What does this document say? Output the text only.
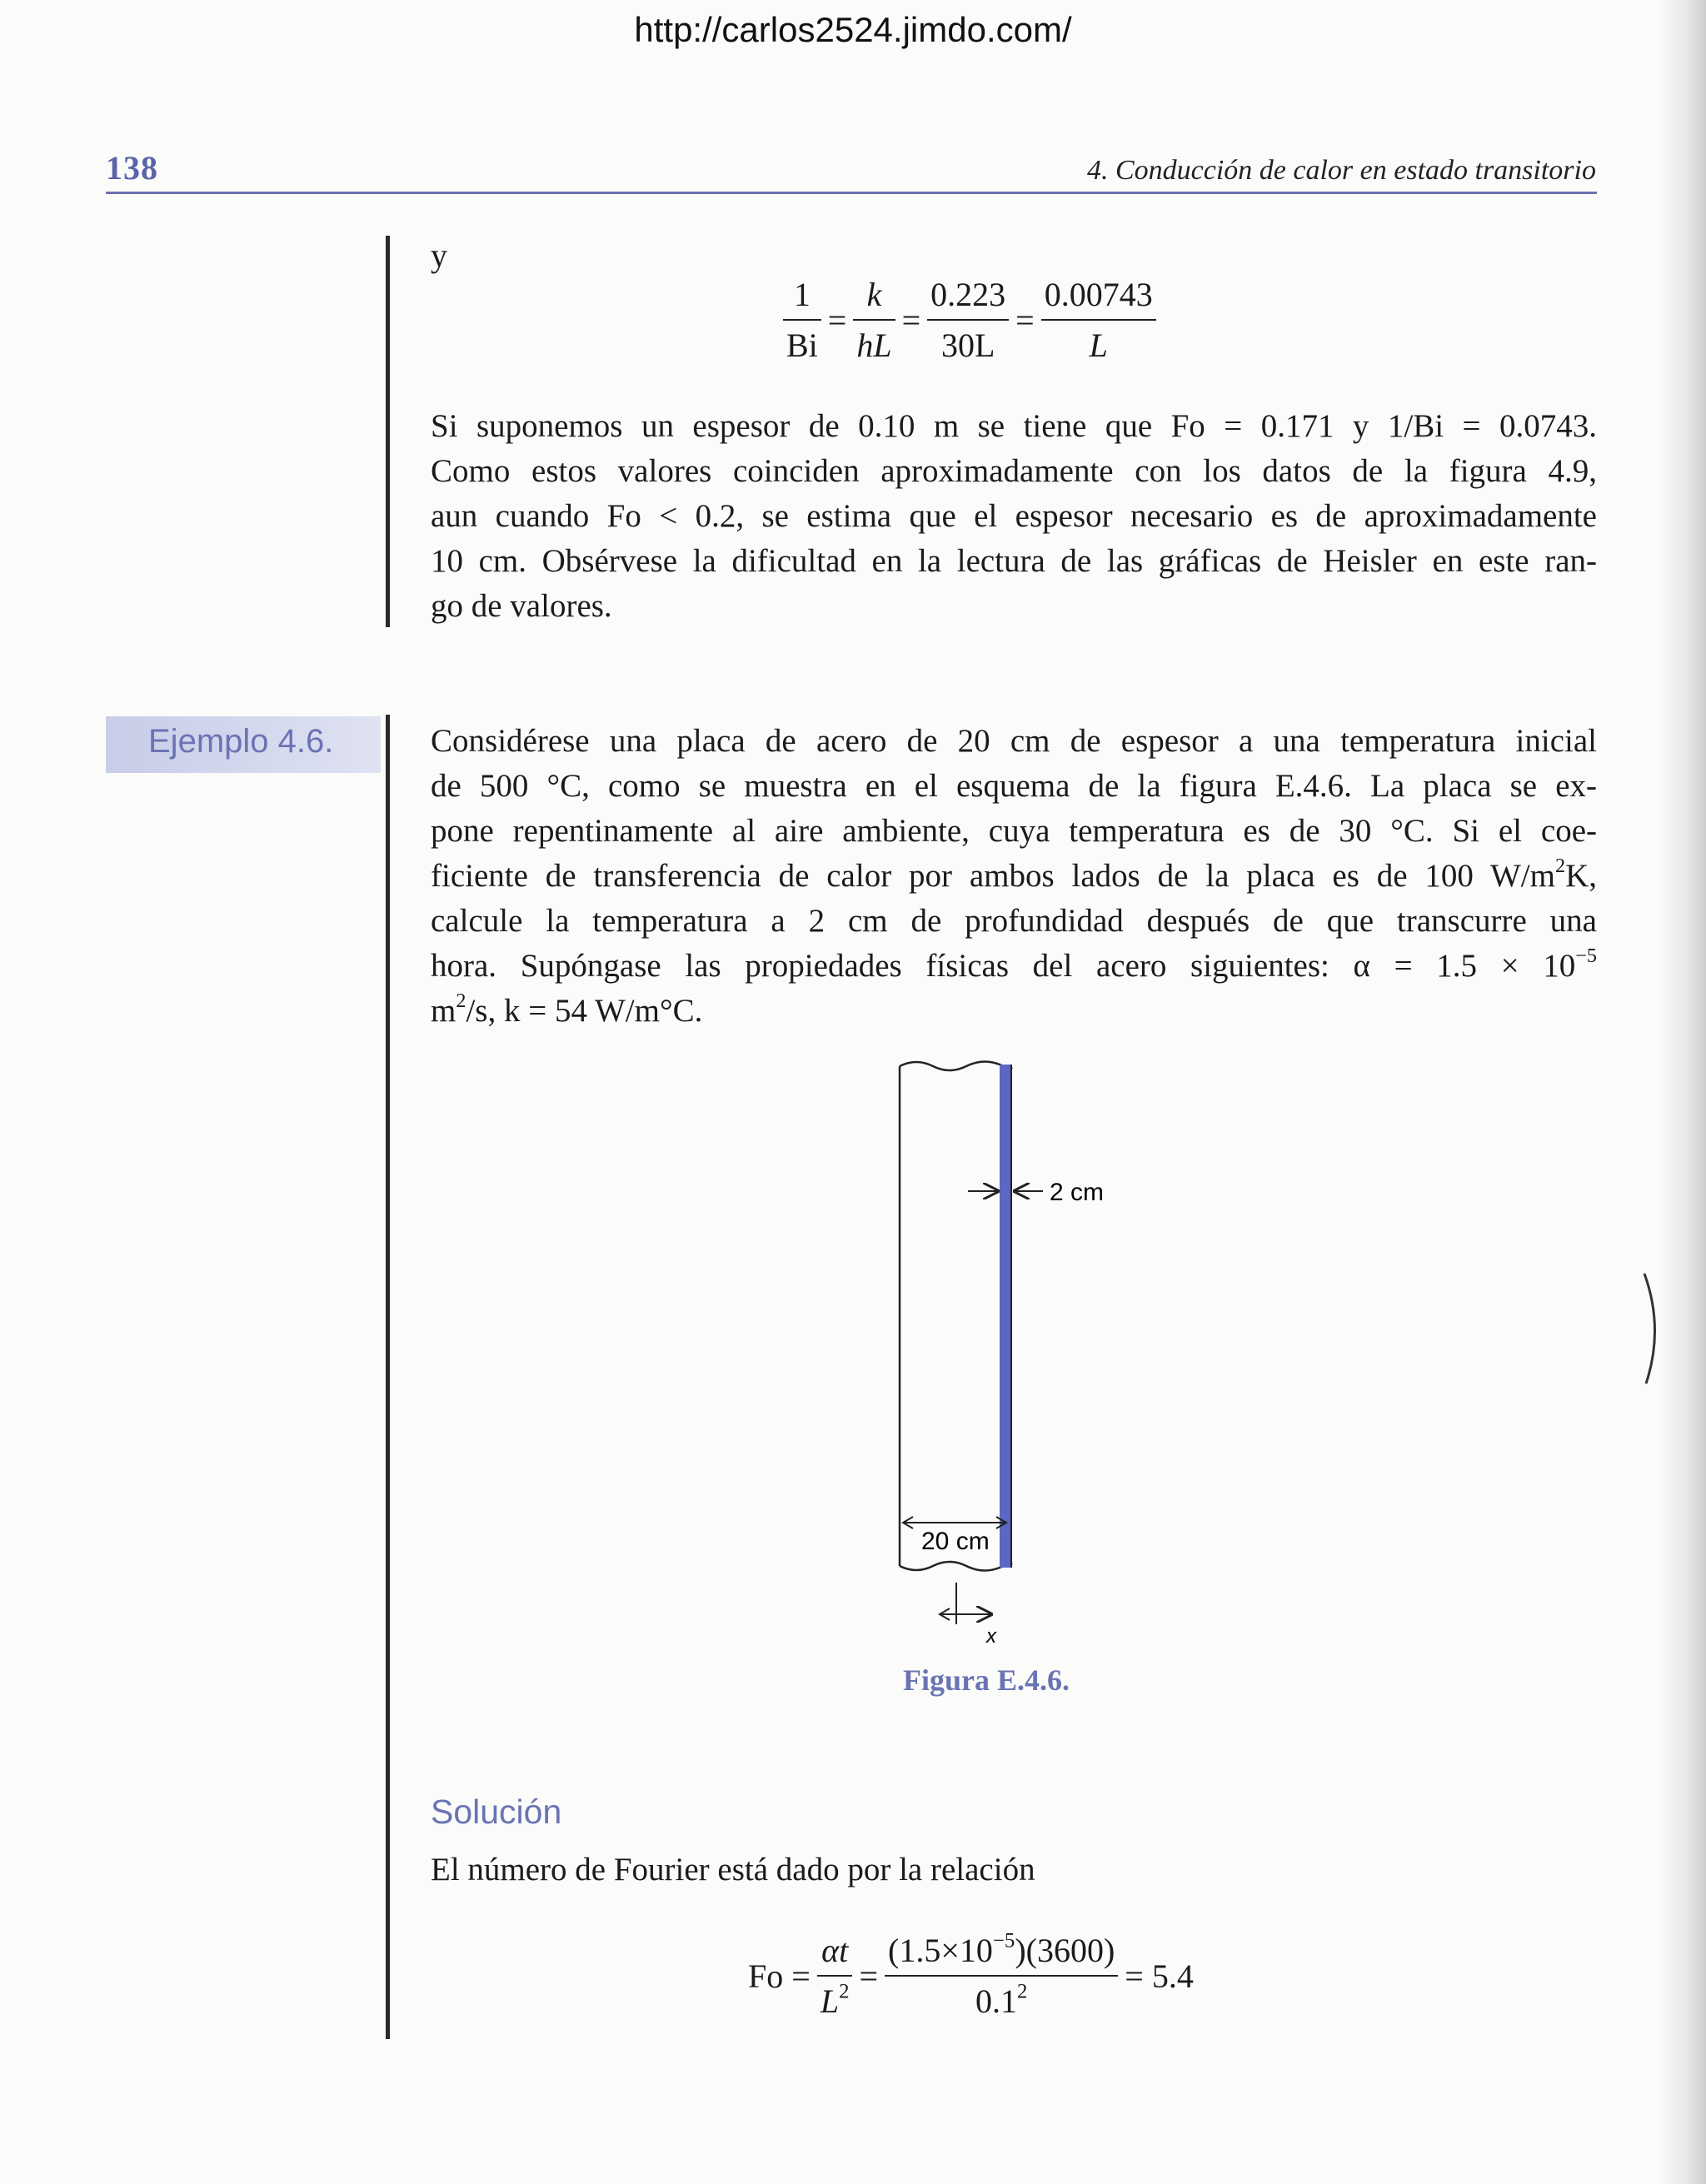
http://carlos2524.jimdo.com/
138	4. Conducción de calor en estado transitorio
y
$\frac{1}{Bi} = \frac{k}{hL} = \frac{0.223}{30L} = \frac{0.00743}{L}$
Si suponemos un espesor de 0.10 m se tiene que Fo = 0.171 y 1/Bi = 0.0743.
Como estos valores coinciden aproximadamente con los datos de la figura 4.9,
aun cuando Fo < 0.2, se estima que el espesor necesario es de aproximadamente
10 cm. Obsérvese la dificultad en la lectura de las gráficas de Heisler en este ran-
go de valores.
Ejemplo 4.6.	Considérese una placa de acero de 20 cm de espesor a una temperatura inicial
de 500 °C, como se muestra en el esquema de la figura E.4.6. La placa se ex-
pone repentinamente al aire ambiente, cuya temperatura es de 30 °C. Si el coe-
ficiente de transferencia de calor por ambos lados de la placa es de 100 $W/m^2K$,
calcule la temperatura a 2 cm de profundidad después de que transcurre una
hora. Supóngase las propiedades físicas del acero siguientes: $\alpha = 1.5 \times 10^{-5}$
$m^2/s$, k = 54 W/m°C.
2 cm
20 cm
x
Figura E.4.6.
Solución
El número de Fourier está dado por la relación
$Fo = \frac{\alpha t}{L^2} = \frac{(1.5\times 10^{-5})(3600)}{0.1^2} = 5.4$
